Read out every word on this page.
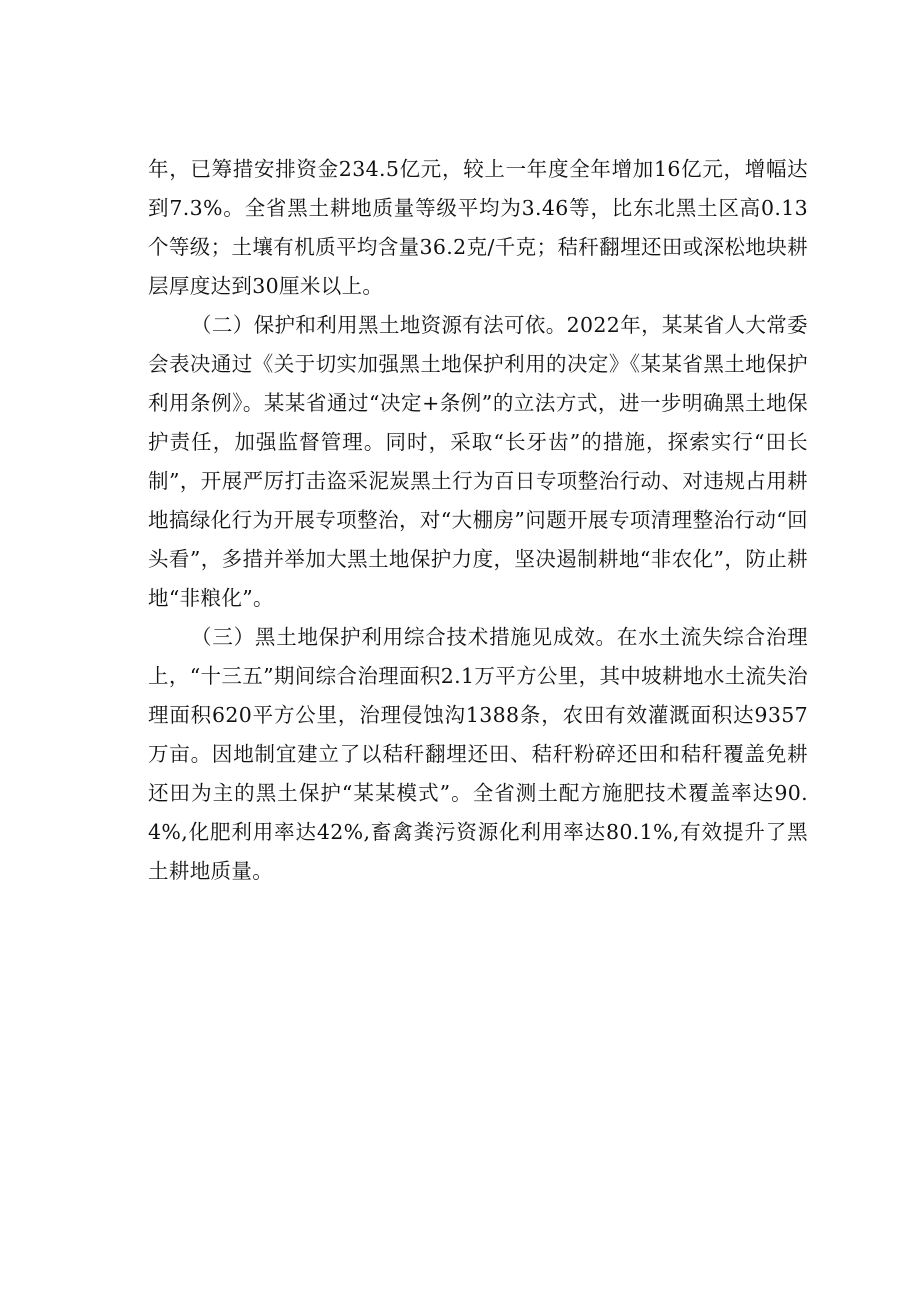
年，已筹措安排资金234.5亿元，较上一年度全年增加16亿元，增幅达到7.3%。全省黑土耕地质量等级平均为3.46等，比东北黑土区高0.13个等级；土壤有机质平均含量36.2克/千克；秸秆翻埋还田或深松地块耕层厚度达到30厘米以上。

（二）保护和利用黑土地资源有法可依。2022年，某某省人大常委会表决通过《关于切实加强黑土地保护利用的决定》《某某省黑土地保护利用条例》。某某省通过“决定+条例”的立法方式，进一步明确黑土地保护责任，加强监督管理。同时，采取“长牙齿”的措施，探索实行“田长制”，开展严厉打击盗采泥炭黑土行为百日专项整治行动、对违规占用耕地搞绿化行为开展专项整治，对“大棚房”问题开展专项清理整治行动“回头看”，多措并举加大黑土地保护力度，坚决遏制耕地“非农化”，防止耕地“非粮化”。

（三）黑土地保护利用综合技术措施见成效。在水土流失综合治理上，“十三五”期间综合治理面积2.1万平方公里，其中坡耕地水土流失治理面积620平方公里，治理侵蚀沟1388条，农田有效灌溉面积达9357万亩。因地制宜建立了以秸秆翻埋还田、秸秆粉碎还田和秸秆覆盖免耕还田为主的黑土保护“某某模式”。全省测土配方施肥技术覆盖率达90.4%,化肥利用率达42%,畜禽粪污资源化利用率达80.1%,有效提升了黑土耕地质量。
